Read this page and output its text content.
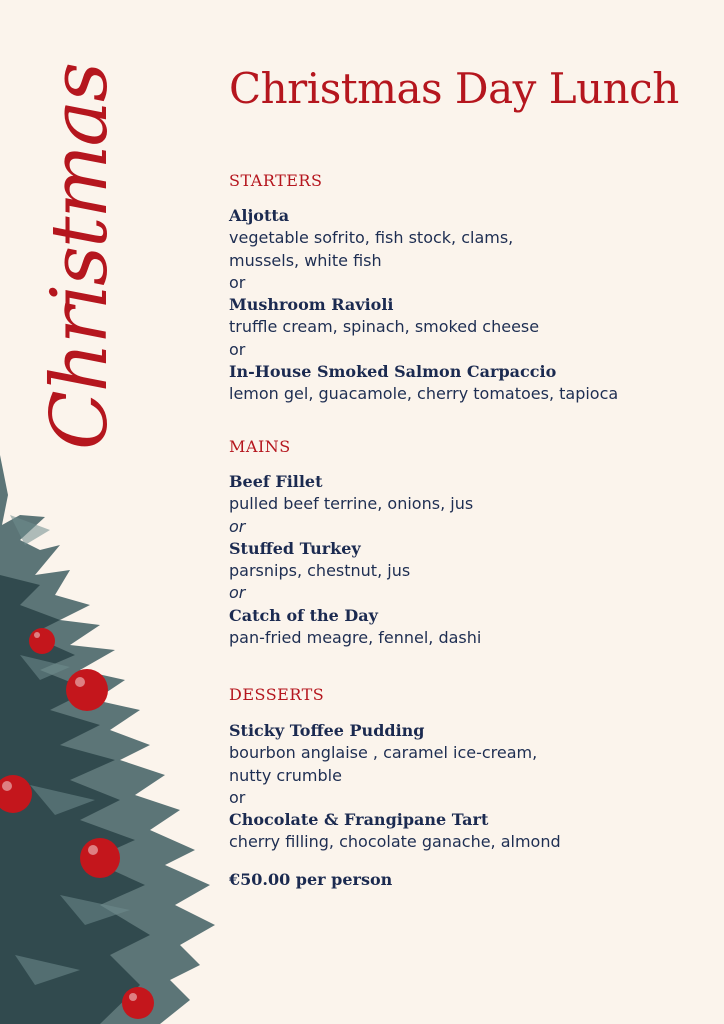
Christmas Christmas Day Lunch
STARTERS
Aljotta
vegetable sofrito, fish stock, clams,
mussels, white fish
or
Mushroom Ravioli
truffle cream, spinach, smoked cheese
or
In-House Smoked Salmon Carpaccio
lemon gel, guacamole, cherry tomatoes, tapioca
MAINS
Beef Fillet
pulled beef terrine, onions, jus
or
Stuffed Turkey
parsnips, chestnut, jus
or
Catch of the Day
pan-fried meagre, fennel, dashi
DESSERTS
Sticky Toffee Pudding
bourbon anglaise , caramel ice-cream,
nutty crumble
or
Chocolate & Frangipane Tart
cherry filling, chocolate ganache, almond
€50.00 per person
